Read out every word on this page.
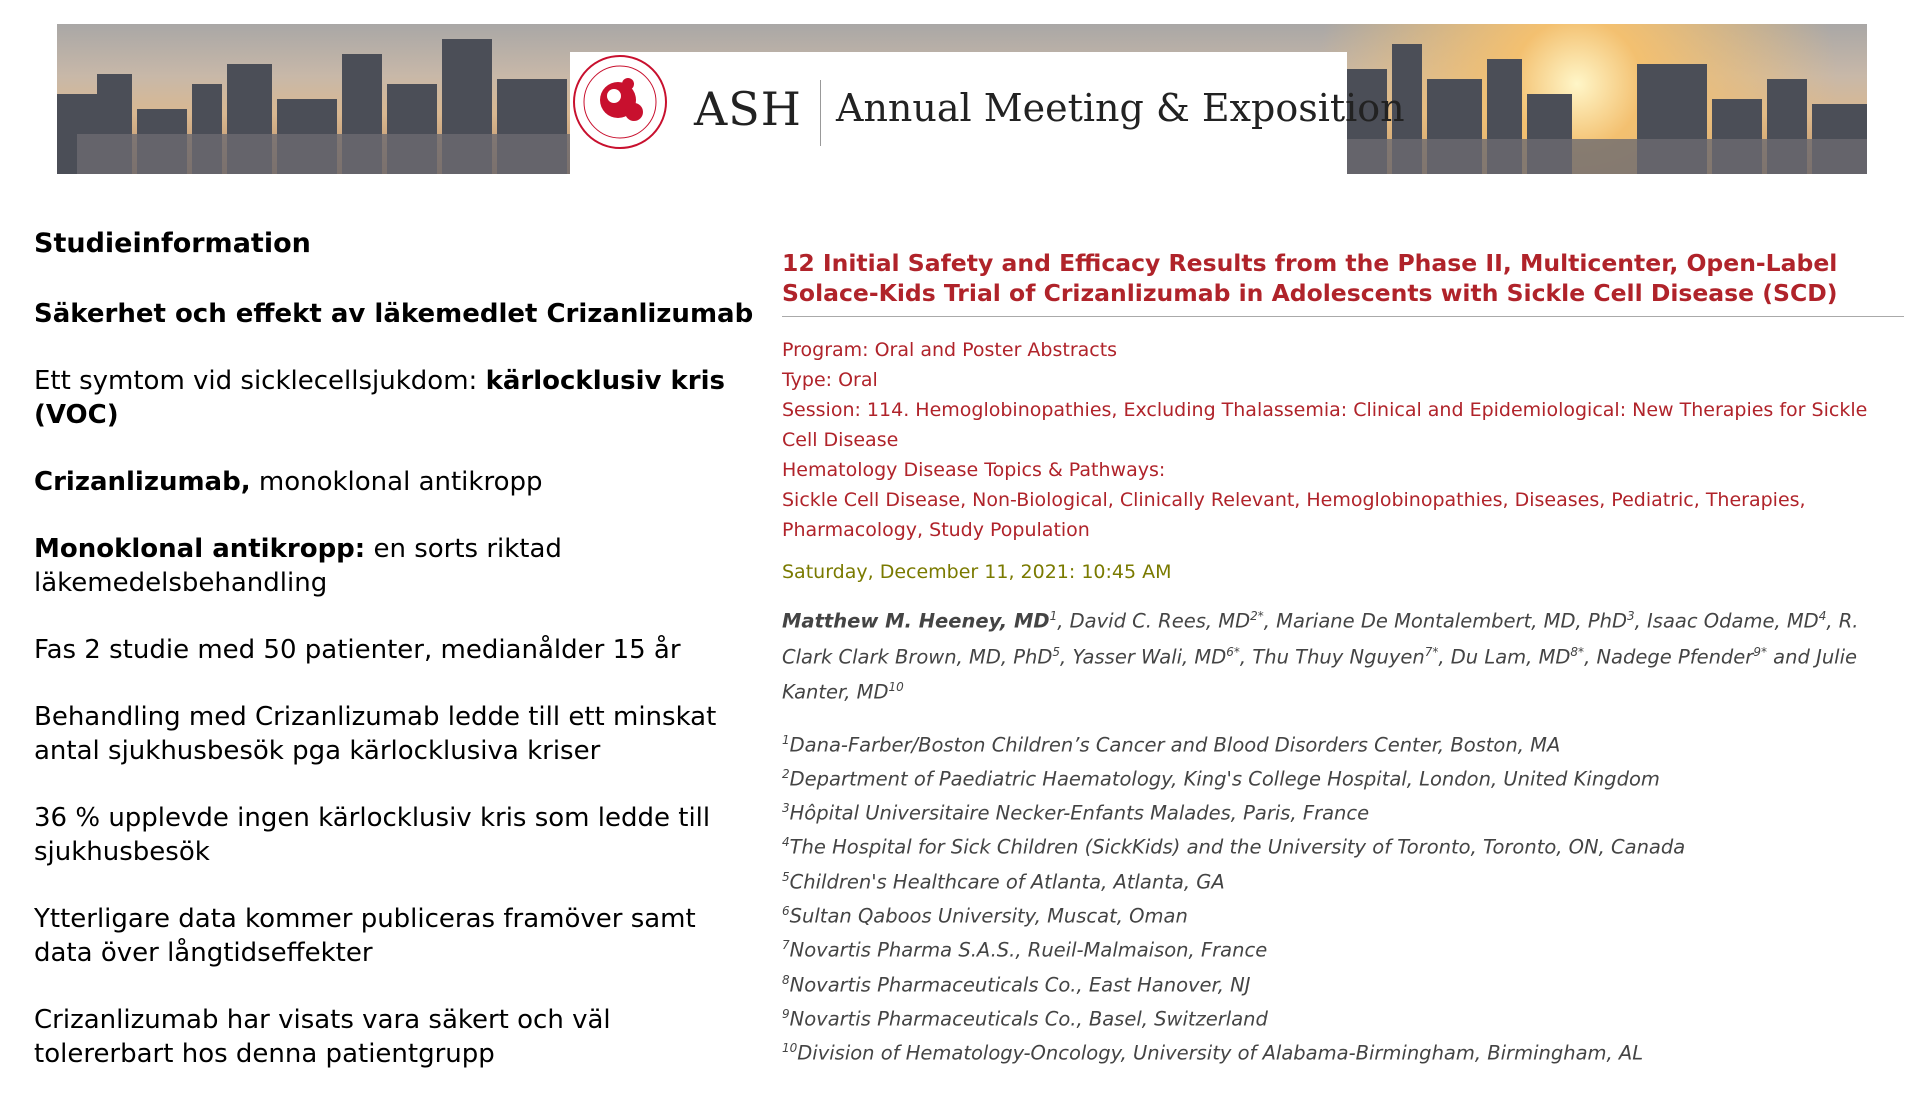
ASH Annual Meeting & Exposition
Studieinformation
Säkerhet och effekt av läkemedlet Crizanlizumab
Ett symtom vid sicklecellsjukdom: kärlocklusiv kris (VOC)
Crizanlizumab, monoklonal antikropp
Monoklonal antikropp: en sorts riktad läkemedelsbehandling
Fas 2 studie med 50 patienter, medianålder 15 år
Behandling med Crizanlizumab ledde till ett minskat antal sjukhusbesök pga kärlocklusiva kriser
36 % upplevde ingen kärlocklusiv kris som ledde till sjukhusbesök
Ytterligare data kommer publiceras framöver samt data över långtidseffekter
Crizanlizumab har visats vara säkert och väl tolererbart hos denna patientgrupp
12 Initial Safety and Efficacy Results from the Phase II, Multicenter, Open-Label Solace-Kids Trial of Crizanlizumab in Adolescents with Sickle Cell Disease (SCD)
Program: Oral and Poster Abstracts
Type: Oral
Session: 114. Hemoglobinopathies, Excluding Thalassemia: Clinical and Epidemiological: New Therapies for Sickle Cell Disease
Hematology Disease Topics & Pathways:
Sickle Cell Disease, Non-Biological, Clinically Relevant, Hemoglobinopathies, Diseases, Pediatric, Therapies, Pharmacology, Study Population
Saturday, December 11, 2021: 10:45 AM
Matthew M. Heeney, $MD^1$, David C. Rees, $MD^{2*}$, Mariane De Montalembert, MD, PhD$^3$, Isaac Odame, $MD^4$, R. Clark Clark Brown, MD, PhD$^5$, Yasser Wali, $MD^{6*}$, Thu Thuy Nguyen$^{7*}$, Du Lam, $MD^{8*}$, Nadege Pfender$^{9*}$ and Julie Kanter, MD$^{10}$
$^1$Dana-Farber/Boston Children’s Cancer and Blood Disorders Center, Boston, MA
$^2$Department of Paediatric Haematology, King's College Hospital, London, United Kingdom
$^3$Hôpital Universitaire Necker-Enfants Malades, Paris, France
$^4$The Hospital for Sick Children (SickKids) and the University of Toronto, Toronto, ON, Canada
$^5$Children's Healthcare of Atlanta, Atlanta, GA
$^6$Sultan Qaboos University, Muscat, Oman
$^7$Novartis Pharma S.A.S., Rueil-Malmaison, France
$^8$Novartis Pharmaceuticals Co., East Hanover, NJ
$^9$Novartis Pharmaceuticals Co., Basel, Switzerland
$^{10}$Division of Hematology-Oncology, University of Alabama-Birmingham, Birmingham, AL
